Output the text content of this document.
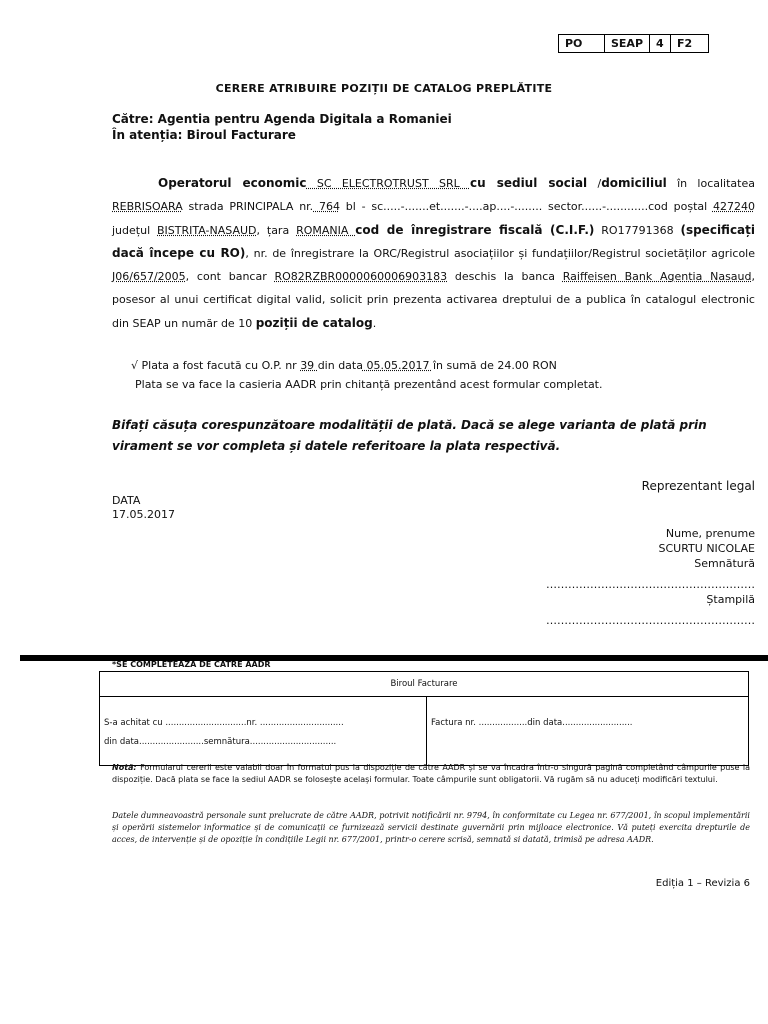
PO	SEAP	4	F2
CERERE ATRIBUIRE POZIȚII DE CATALOG PREPLĂTITE
Către: Agentia pentru Agenda Digitala a Romaniei
În atenția: Biroul Facturare
Operatorul economic SC ELECTROTRUST SRL cu sediul social /domiciliul în localitatea REBRISOARA strada PRINCIPALA nr. 764 bl - sc.....-.......et.......-....ap....-........ sector......-............cod poștal 427240 județul BISTRITA-NASAUD, țara ROMANIA cod de înregistrare fiscală (C.I.F.) RO17791368 (specificați dacă începe cu RO), nr. de înregistrare la ORC/Registrul asociațiilor și fundațiilor/Registrul societăților agricole J06/657/2005, cont bancar RO82RZBR0000060006903183 deschis la banca Raiffeisen Bank Agentia Nasaud, posesor al unui certificat digital valid, solicit prin prezenta activarea dreptului de a publica în catalogul electronic din SEAP un număr de 10 poziții de catalog.
√ Plata a fost facută cu O.P. nr 39 din data 05.05.2017 în sumă de 24.00 RON
Plata se va face la casieria AADR prin chitanță prezentând acest formular completat.
Bifați căsuța corespunzătoare modalității de plată. Dacă se alege varianta de plată prin virament se vor completa și datele referitoare la plata respectivă.
Reprezentant legal
DATA
17.05.2017
Nume, prenume
SCURTU NICOLAE
Semnătură
…………………………………………………
Ștampilă
…………………………………………………
*SE COMPLETEAZA DE CATRE AADR
Biroul Facturare

S-a achitat cu ..............................nr. ...............................
din data........................semnătura................................

Factura nr. ..................din data..........................
Notă: Formularul cererii este valabil doar în formatul pus la dispoziție de către AADR și se va încadra într-o singură pagină completând câmpurile puse la dispoziție. Dacă plata se face la sediul AADR se folosește același formular. Toate câmpurile sunt obligatorii. Vă rugăm să nu aduceți modificări textului.
Datele dumneavoastră personale sunt prelucrate de către AADR, potrivit notificării nr. 9794, în conformitate cu Legea nr. 677/2001, în scopul implementării și operării sistemelor informatice și de comunicații ce furnizează servicii destinate guvernării prin mijloace electronice. Vă puteți exercita drepturile de acces, de intervenție și de opoziție în condițiile Legii nr. 677/2001, printr-o cerere scrisă, semnată si datată, trimisă pe adresa AADR.
Ediția 1 – Revizia 6
